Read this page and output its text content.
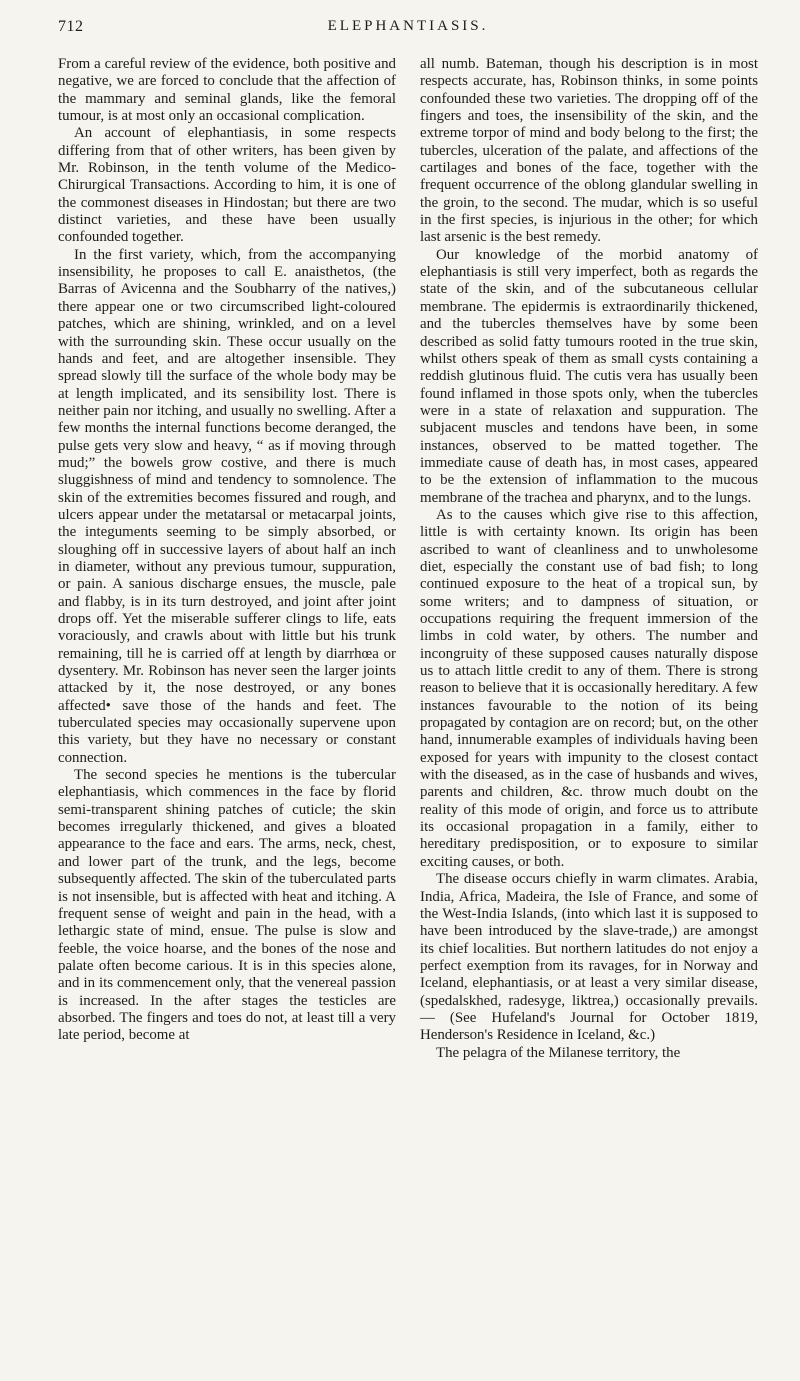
712	ELEPHANTIASIS.

From a careful review of the evidence, both positive and negative, we are forced to conclude that the affection of the mammary and seminal glands, like the femoral tumour, is at most only an occasional complication.

An account of elephantiasis, in some respects differing from that of other writers, has been given by Mr. Robinson, in the tenth volume of the Medico-Chirurgical Transactions. According to him, it is one of the commonest diseases in Hindostan; but there are two distinct varieties, and these have been usually confounded together.

In the first variety, which, from the accompanying insensibility, he proposes to call E. anaisthetos, (the Barras of Avicenna and the Soubharry of the natives,) there appear one or two circumscribed light-coloured patches, which are shining, wrinkled, and on a level with the surrounding skin. These occur usually on the hands and feet, and are altogether insensible. They spread slowly till the surface of the whole body may be at length implicated, and its sensibility lost. There is neither pain nor itching, and usually no swelling. After a few months the internal functions become deranged, the pulse gets very slow and heavy, “ as if moving through mud;” the bowels grow costive, and there is much sluggishness of mind and tendency to somnolence. The skin of the extremities becomes fissured and rough, and ulcers appear under the metatarsal or metacarpal joints, the integuments seeming to be simply absorbed, or sloughing off in successive layers of about half an inch in diameter, without any previous tumour, suppuration, or pain. A sanious discharge ensues, the muscle, pale and flabby, is in its turn destroyed, and joint after joint drops off. Yet the miserable sufferer clings to life, eats voraciously, and crawls about with little but his trunk remaining, till he is carried off at length by diarrhœa or dysentery. Mr. Robinson has never seen the larger joints attacked by it, the nose destroyed, or any bones affected• save those of the hands and feet. The tuberculated species may occasionally supervene upon this variety, but they have no necessary or constant connection.

The second species he mentions is the tubercular elephantiasis, which commences in the face by florid semi-transparent shining patches of cuticle; the skin becomes irregularly thickened, and gives a bloated appearance to the face and ears. The arms, neck, chest, and lower part of the trunk, and the legs, become subsequently affected. The skin of the tuberculated parts is not insensible, but is affected with heat and itching. A frequent sense of weight and pain in the head, with a lethargic state of mind, ensue. The pulse is slow and feeble, the voice hoarse, and the bones of the nose and palate often become carious. It is in this species alone, and in its commencement only, that the venereal passion is increased. In the after stages the testicles are absorbed. The fingers and toes do not, at least till a very late period, become at

all numb. Bateman, though his description is in most respects accurate, has, Robinson thinks, in some points confounded these two varieties. The dropping off of the fingers and toes, the insensibility of the skin, and the extreme torpor of mind and body belong to the first; the tubercles, ulceration of the palate, and affections of the cartilages and bones of the face, together with the frequent occurrence of the oblong glandular swelling in the groin, to the second. The mudar, which is so useful in the first species, is injurious in the other; for which last arsenic is the best remedy.

Our knowledge of the morbid anatomy of elephantiasis is still very imperfect, both as regards the state of the skin, and of the subcutaneous cellular membrane. The epidermis is extraordinarily thickened, and the tubercles themselves have by some been described as solid fatty tumours rooted in the true skin, whilst others speak of them as small cysts containing a reddish glutinous fluid. The cutis vera has usually been found inflamed in those spots only, when the tubercles were in a state of relaxation and suppuration. The subjacent muscles and tendons have been, in some instances, observed to be matted together. The immediate cause of death has, in most cases, appeared to be the extension of inflammation to the mucous membrane of the trachea and pharynx, and to the lungs.

As to the causes which give rise to this affection, little is with certainty known. Its origin has been ascribed to want of cleanliness and to unwholesome diet, especially the constant use of bad fish; to long continued exposure to the heat of a tropical sun, by some writers; and to dampness of situation, or occupations requiring the frequent immersion of the limbs in cold water, by others. The number and incongruity of these supposed causes naturally dispose us to attach little credit to any of them. There is strong reason to believe that it is occasionally hereditary. A few instances favourable to the notion of its being propagated by contagion are on record; but, on the other hand, innumerable examples of individuals having been exposed for years with impunity to the closest contact with the diseased, as in the case of husbands and wives, parents and children, &c. throw much doubt on the reality of this mode of origin, and force us to attribute its occasional propagation in a family, either to hereditary predisposition, or to exposure to similar exciting causes, or both.

The disease occurs chiefly in warm climates. Arabia, India, Africa, Madeira, the Isle of France, and some of the West-India Islands, (into which last it is supposed to have been introduced by the slave-trade,) are amongst its chief localities. But northern latitudes do not enjoy a perfect exemption from its ravages, for in Norway and Iceland, elephantiasis, or at least a very similar disease, (spedalskhed, radesyge, liktrea,) occasionally prevails.— (See Hufeland's Journal for October 1819, Henderson's Residence in Iceland, &c.)

The pelagra of the Milanese territory, the
